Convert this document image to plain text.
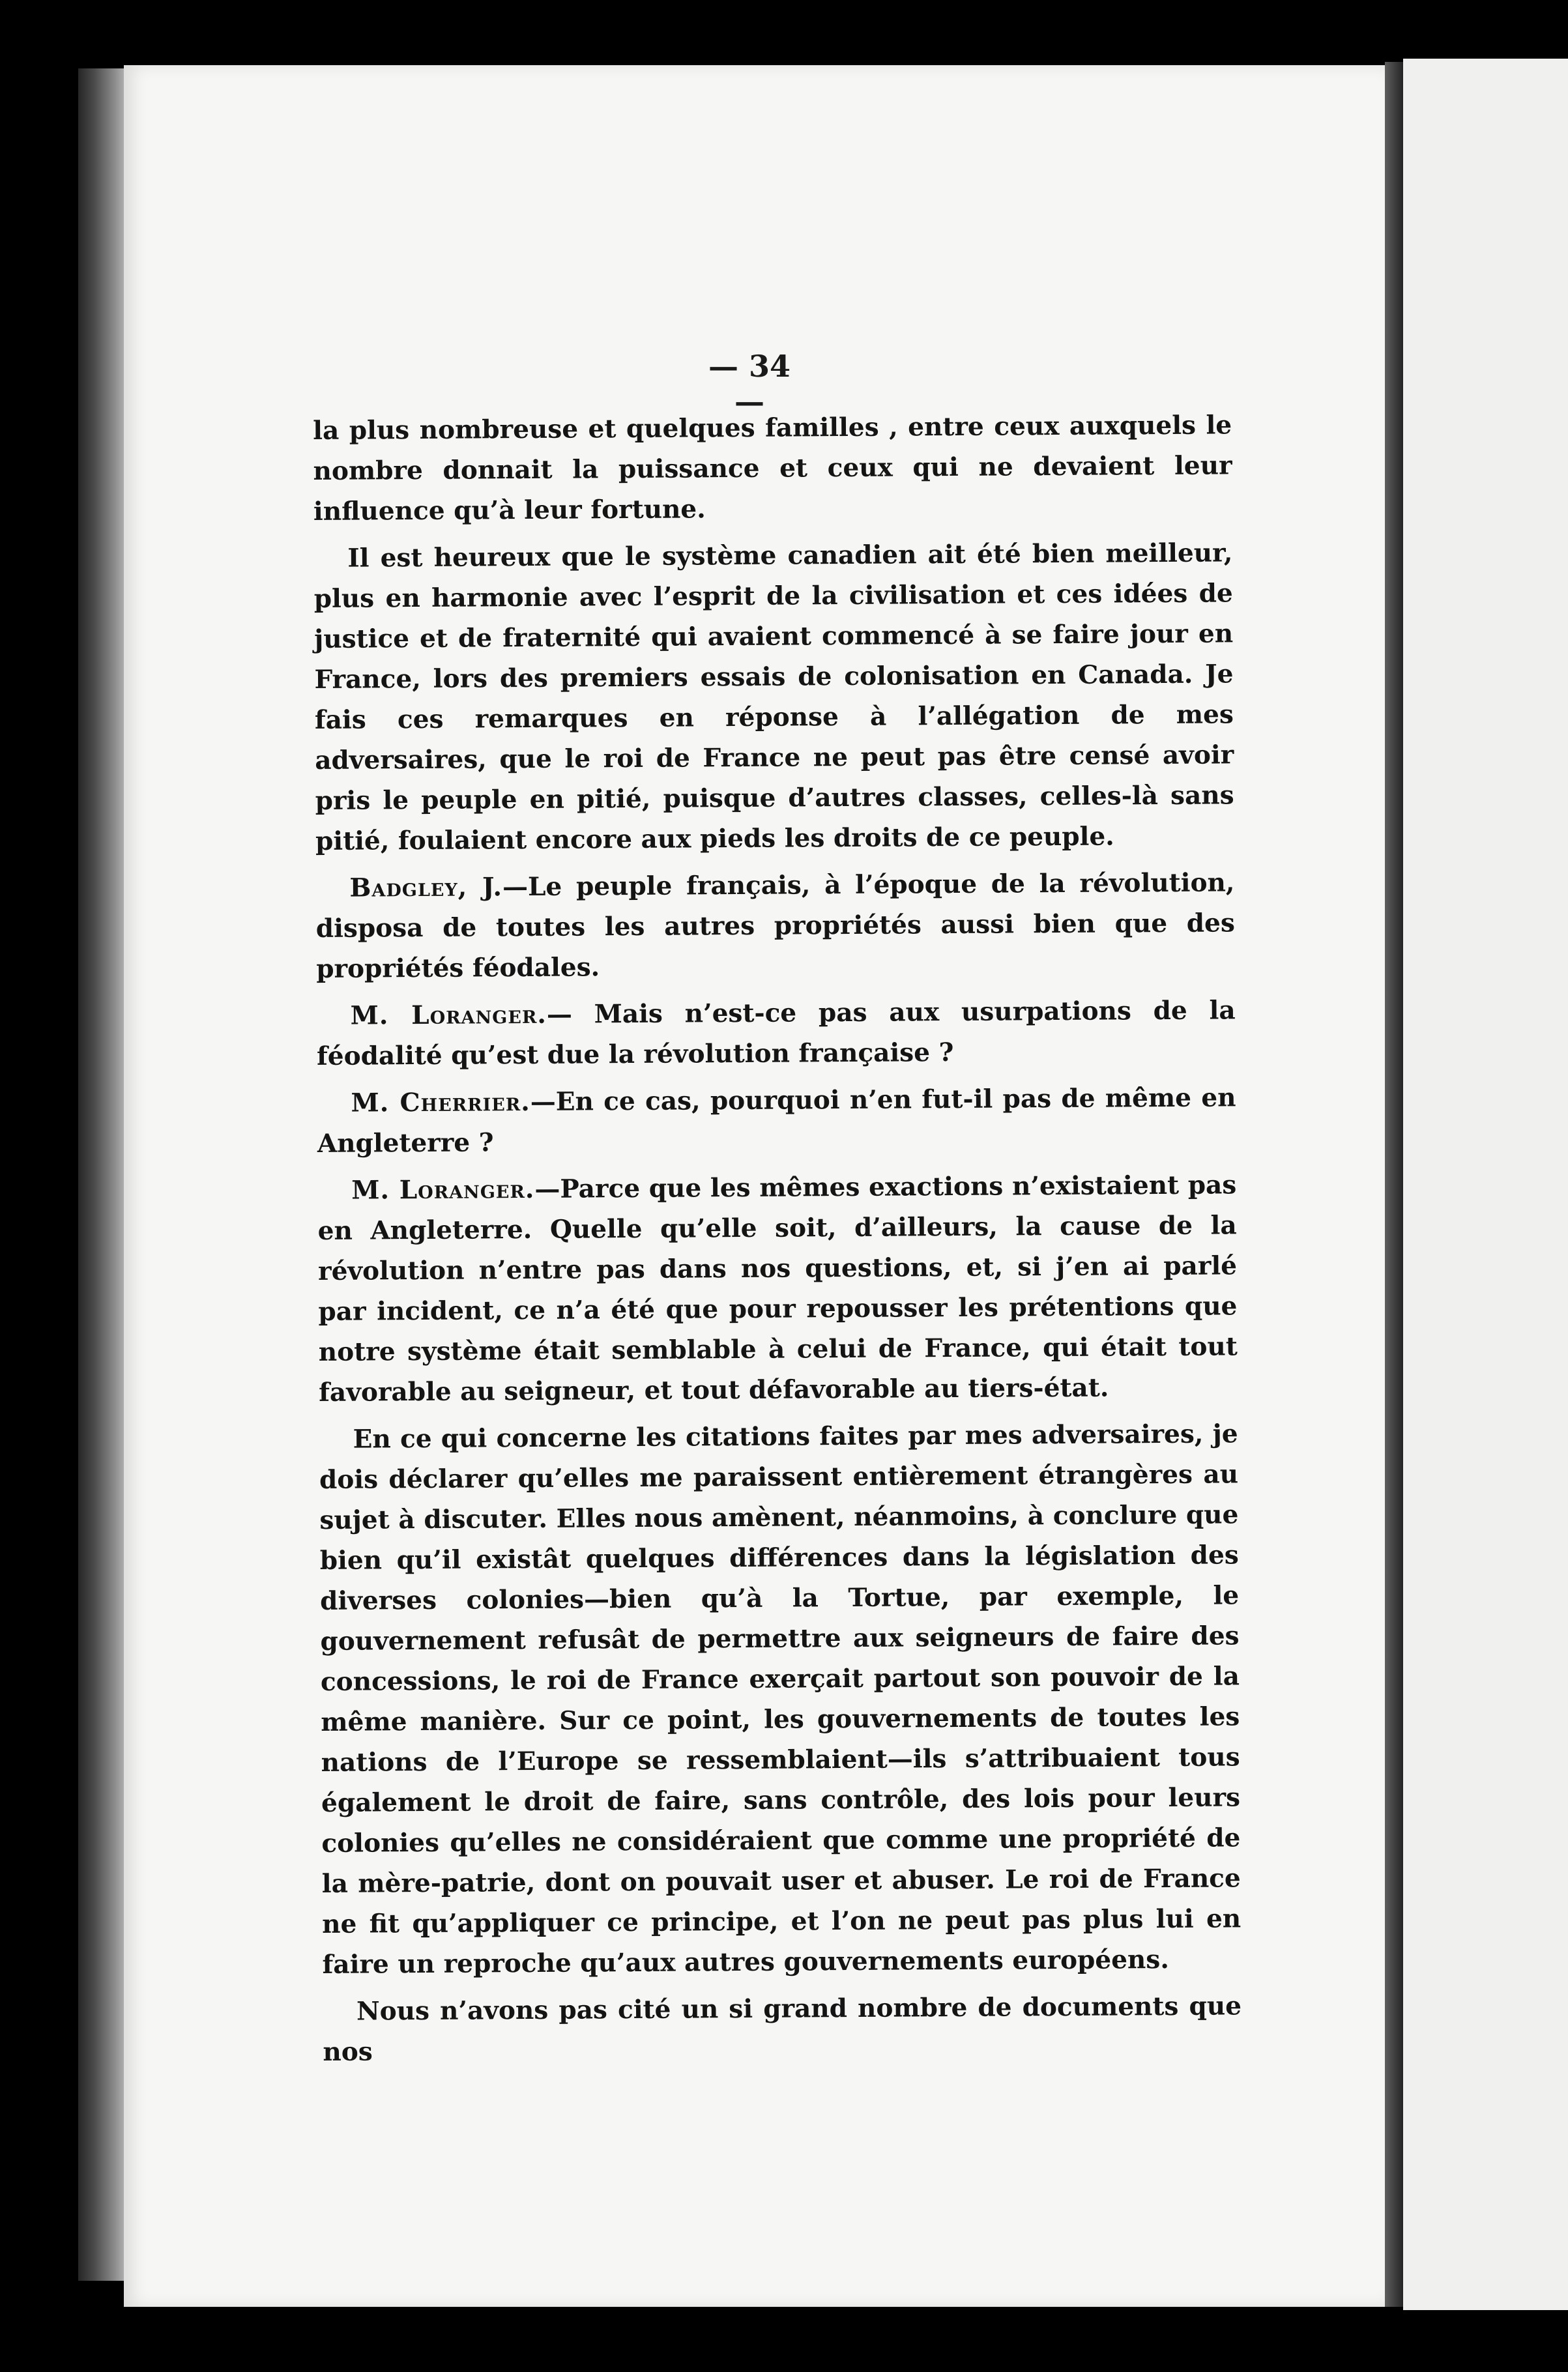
— 34 —

la plus nombreuse et quelques familles , entre ceux auxquels le nombre donnait la puissance et ceux qui ne devaient leur influence qu’à leur fortune.

Il est heureux que le système canadien ait été bien meilleur, plus en harmonie avec l’esprit de la civilisation et ces idées de justice et de fraternité qui avaient commencé à se faire jour en France, lors des premiers essais de colonisation en Canada. Je fais ces remarques en réponse à l’allégation de mes adversaires, que le roi de France ne peut pas être censé avoir pris le peuple en pitié, puisque d’autres classes, celles-là sans pitié, foulaient encore aux pieds les droits de ce peuple.

Badgley, J.—Le peuple français, à l’époque de la révolution, disposa de toutes les autres propriétés aussi bien que des propriétés féodales.

M. Loranger.— Mais n’est-ce pas aux usurpations de la féodalité qu’est due la révolution française ?

M. Cherrier.—En ce cas, pourquoi n’en fut-il pas de même en Angleterre ?

M. Loranger.—Parce que les mêmes exactions n’existaient pas en Angleterre. Quelle qu’elle soit, d’ailleurs, la cause de la révolution n’entre pas dans nos questions, et, si j’en ai parlé par incident, ce n’a été que pour repousser les prétentions que notre système était semblable à celui de France, qui était tout favorable au seigneur, et tout défavorable au tiers-état.

En ce qui concerne les citations faites par mes adversaires, je dois déclarer qu’elles me paraissent entièrement étrangères au sujet à discuter. Elles nous amènent, néanmoins, à conclure que bien qu’il existât quelques différences dans la législation des diverses colonies—bien qu’à la Tortue, par exemple, le gouvernement refusât de permettre aux seigneurs de faire des concessions, le roi de France exerçait partout son pouvoir de la même manière. Sur ce point, les gouvernements de toutes les nations de l’Europe se ressemblaient—ils s’attribuaient tous également le droit de faire, sans contrôle, des lois pour leurs colonies qu’elles ne considéraient que comme une propriété de la mère-patrie, dont on pouvait user et abuser. Le roi de France ne fit qu’appliquer ce principe, et l’on ne peut pas plus lui en faire un reproche qu’aux autres gouvernements européens.

Nous n’avons pas cité un si grand nombre de documents que nos
